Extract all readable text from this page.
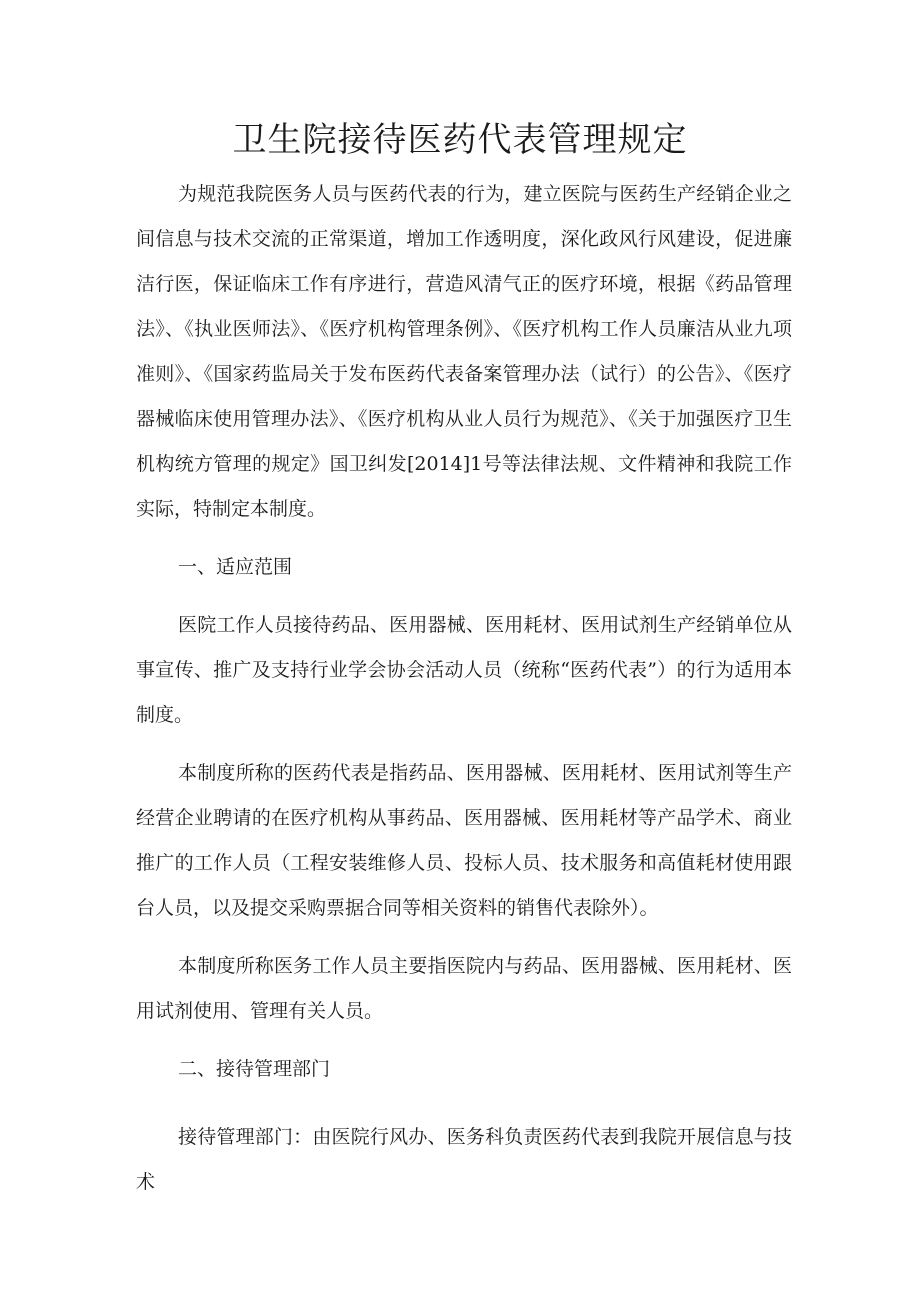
卫生院接待医药代表管理规定

为规范我院医务人员与医药代表的行为，建立医院与医药生产经销企业之间信息与技术交流的正常渠道，增加工作透明度，深化政风行风建设，促进廉洁行医，保证临床工作有序进行，营造风清气正的医疗环境，根据《药品管理法》、《执业医师法》、《医疗机构管理条例》、《医疗机构工作人员廉洁从业九项准则》、《国家药监局关于发布医药代表备案管理办法（试行）的公告》、《医疗器械临床使用管理办法》、《医疗机构从业人员行为规范》、《关于加强医疗卫生机构统方管理的规定》国卫纠发[2014]1号等法律法规、文件精神和我院工作实际，特制定本制度。

一、适应范围

医院工作人员接待药品、医用器械、医用耗材、医用试剂生产经销单位从事宣传、推广及支持行业学会协会活动人员（统称“医药代表”）的行为适用本制度。

本制度所称的医药代表是指药品、医用器械、医用耗材、医用试剂等生产经营企业聘请的在医疗机构从事药品、医用器械、医用耗材等产品学术、商业推广的工作人员（工程安装维修人员、投标人员、技术服务和高值耗材使用跟台人员，以及提交采购票据合同等相关资料的销售代表除外）。

本制度所称医务工作人员主要指医院内与药品、医用器械、医用耗材、医用试剂使用、管理有关人员。

二、接待管理部门

接待管理部门：由医院行风办、医务科负责医药代表到我院开展信息与技术
